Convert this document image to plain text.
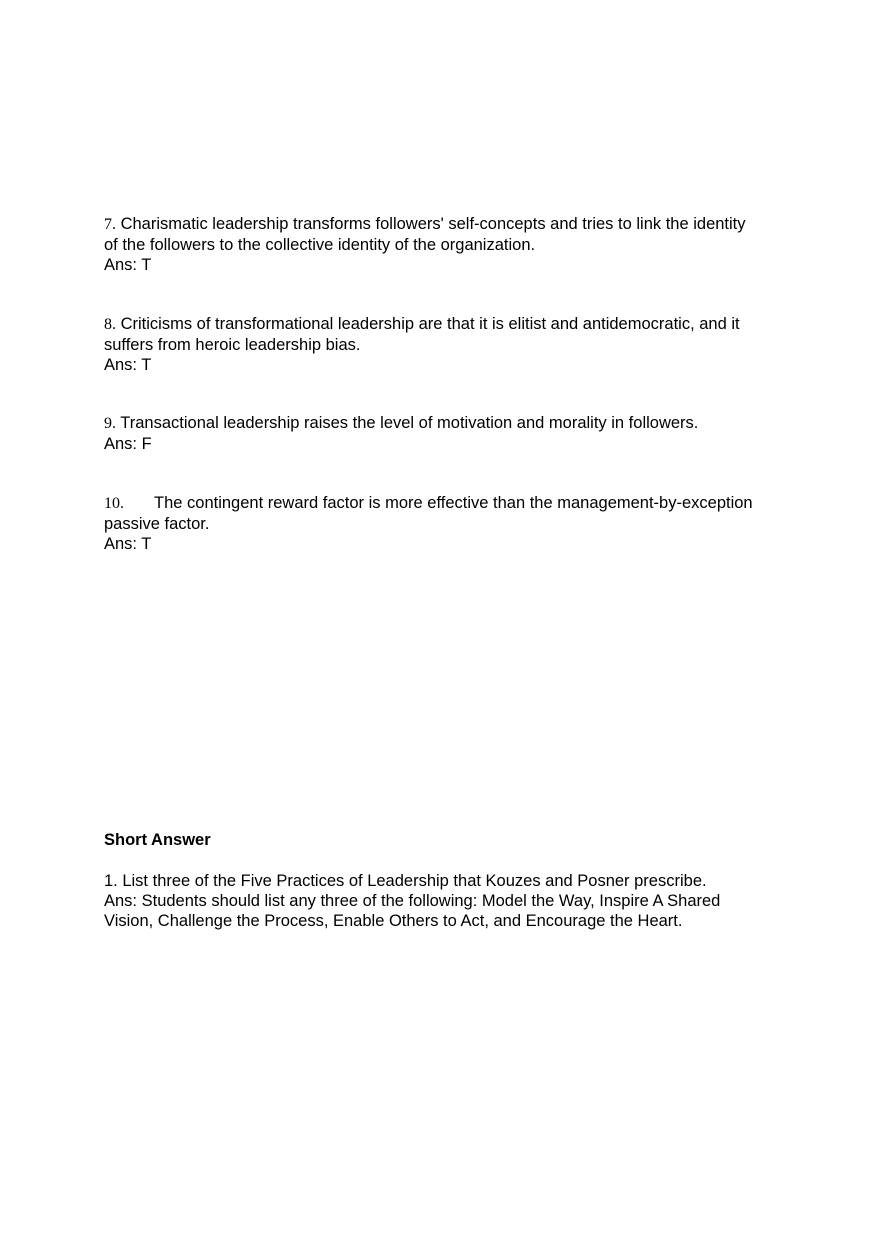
7. Charismatic leadership transforms followers' self-concepts and tries to link the identity
of the followers to the collective identity of the organization.
Ans: T
8. Criticisms of transformational leadership are that it is elitist and antidemocratic, and it
suffers from heroic leadership bias.
Ans: T
9. Transactional leadership raises the level of motivation and morality in followers.
Ans: F
10. The contingent reward factor is more effective than the management-by-exception
passive factor.
Ans: T
Short Answer
1. List three of the Five Practices of Leadership that Kouzes and Posner prescribe.
Ans: Students should list any three of the following: Model the Way, Inspire A Shared
Vision, Challenge the Process, Enable Others to Act, and Encourage the Heart.
